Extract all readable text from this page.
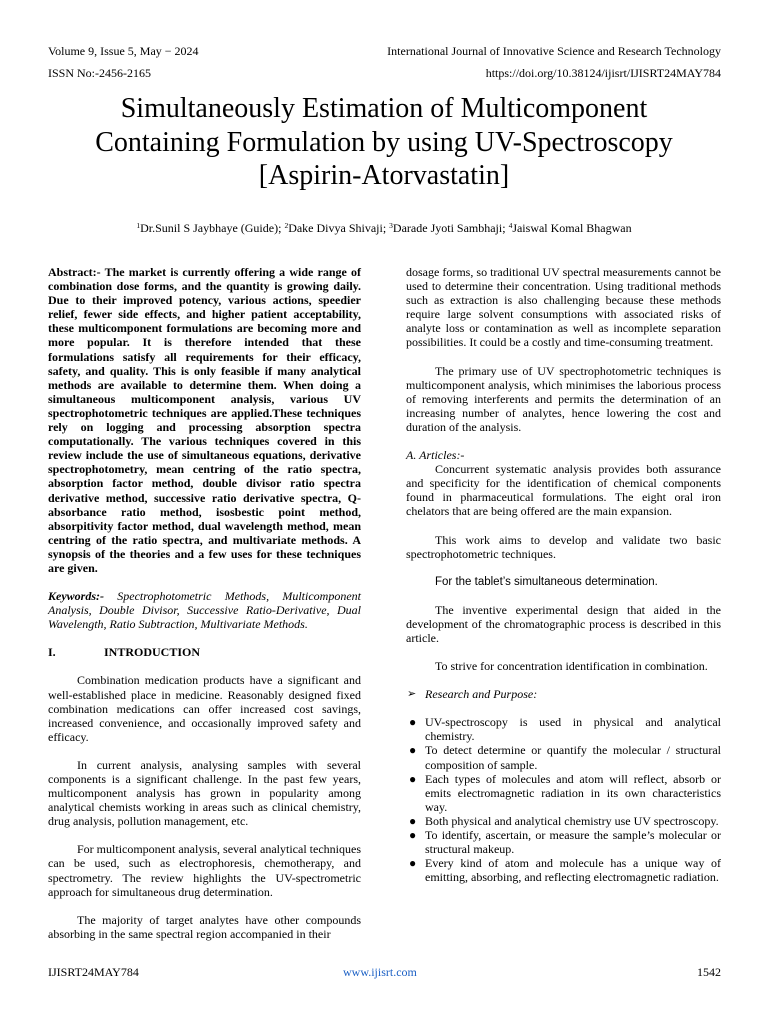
Volume 9, Issue 5, May − 2024	International Journal of Innovative Science and Research Technology
ISSN No:-2456-2165	https://doi.org/10.38124/ijisrt/IJISRT24MAY784
Simultaneously Estimation of Multicomponent
Containing Formulation by using UV-Spectroscopy
[Aspirin-Atorvastatin]
$^1$Dr.Sunil S Jaybhaye (Guide); $^2$Dake Divya Shivaji; $^3$Darade Jyoti Sambhaji; $^4$Jaiswal Komal Bhagwan

Abstract:- The market is currently offering a wide range of combination dose forms, and the quantity is growing daily. Due to their improved potency, various actions, speedier relief, fewer side effects, and higher patient acceptability, these multicomponent formulations are becoming more and more popular. It is therefore intended that these formulations satisfy all requirements for their efficacy, safety, and quality. This is only feasible if many analytical methods are available to determine them. When doing a simultaneous multicomponent analysis, various UV spectrophotometric techniques are applied.These techniques rely on logging and processing absorption spectra computationally. The various techniques covered in this review include the use of simultaneous equations, derivative spectrophotometry, mean centring of the ratio spectra, absorption factor method, double divisor ratio spectra derivative method, successive ratio derivative spectra, Q-absorbance ratio method, isosbestic point method, absorpitivity factor method, dual wavelength method, mean centring of the ratio spectra, and multivariate methods. A synopsis of the theories and a few uses for these techniques are given.

Keywords:- Spectrophotometric Methods, Multicomponent Analysis, Double Divisor, Successive Ratio-Derivative, Dual Wavelength, Ratio Subtraction, Multivariate Methods.

I.	INTRODUCTION

Combination medication products have a significant and well-established place in medicine. Reasonably designed fixed combination medications can offer increased cost savings, increased convenience, and occasionally improved safety and efficacy.

In current analysis, analysing samples with several components is a significant challenge. In the past few years, multicomponent analysis has grown in popularity among analytical chemists working in areas such as clinical chemistry, drug analysis, pollution management, etc.

For multicomponent analysis, several analytical techniques can be used, such as electrophoresis, chemotherapy, and spectrometry. The review highlights the UV-spectrometric approach for simultaneous drug determination.

The majority of target analytes have other compounds absorbing in the same spectral region accompanied in their

dosage forms, so traditional UV spectral measurements cannot be used to determine their concentration. Using traditional methods such as extraction is also challenging because these methods require large solvent consumptions with associated risks of analyte loss or contamination as well as incomplete separation possibilities. It could be a costly and time-consuming treatment.

The primary use of UV spectrophotometric techniques is multicomponent analysis, which minimises the laborious process of removing interferents and permits the determination of an increasing number of analytes, hence lowering the cost and duration of the analysis.

A. Articles:-

Concurrent systematic analysis provides both assurance and specificity for the identification of chemical components found in pharmaceutical formulations. The eight oral iron chelators that are being offered are the main expansion.

This work aims to develop and validate two basic spectrophotometric techniques.

For the tablet’s simultaneous determination.

The inventive experimental design that aided in the development of the chromatographic process is described in this article.

To strive for concentration identification in combination.

➢ Research and Purpose:

● UV-spectroscopy is used in physical and analytical chemistry.
● To detect determine or quantify the molecular / structural composition of sample.
● Each types of molecules and atom will reflect, absorb or emits electromagnetic radiation in its own characteristics way.
● Both physical and analytical chemistry use UV spectroscopy.
● To identify, ascertain, or measure the sample’s molecular or structural makeup.
● Every kind of atom and molecule has a unique way of emitting, absorbing, and reflecting electromagnetic radiation.
IJISRT24MAY784	www.ijisrt.com	1542
